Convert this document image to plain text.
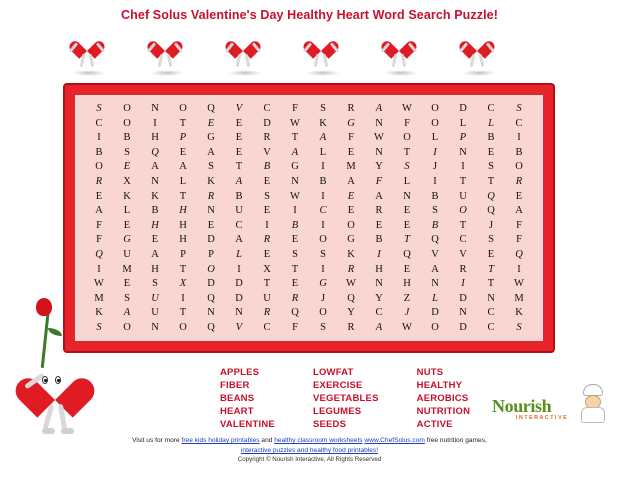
Chef Solus Valentine's Day Healthy Heart Word Search Puzzle!
S	O	N	O	Q	V	C	F	S	R	A	W	O	D	C	S
C	O	I	T	E	E	D	W	K	G	N	F	O	L	L	C
I	B	H	P	G	E	R	T	A	F	W	O	L	P	B	I
B	S	Q	E	A	E	V	A	L	E	N	T	I	N	E	B
O	E	A	A	S	T	B	G	I	M	Y	S	J	I	S	O
R	X	N	L	K	A	E	N	B	A	F	L	I	T	T	R
E	K	K	T	R	B	S	W	I	E	A	N	B	U	Q	E
A	L	B	H	N	U	E	I	C	E	R	E	S	O	Q	A
F	E	H	H	E	C	I	B	I	O	E	E	B	T	J	F
F	G	E	H	D	A	R	E	O	G	B	T	Q	C	S	F
Q	U	A	P	P	L	E	S	S	K	I	Q	V	V	E	Q
I	M	H	T	O	I	X	T	I	R	H	E	A	R	T	I
W	E	S	X	D	D	T	E	G	W	N	H	N	I	T	W
M	S	U	I	Q	D	U	R	J	Q	Y	Z	L	D	N	M
K	A	U	T	N	N	R	Q	O	Y	C	J	D	N	C	K
S	O	N	O	Q	V	C	F	S	R	A	W	O	D	C	S
APPLES
FIBER
BEANS
HEART
VALENTINE
LOWFAT
EXERCISE
VEGETABLES
LEGUMES
SEEDS
NUTS
HEALTHY
AEROBICS
NUTRITION
ACTIVE
Nourish
INTERACTIVE
Visit us for more free kids holiday printables and healthy classroom worksheets www.ChefSolus.com free nutrition games,
interactive puzzles and healthy food printables!
Copyright © Nourish Interactive, All Rights Reserved
